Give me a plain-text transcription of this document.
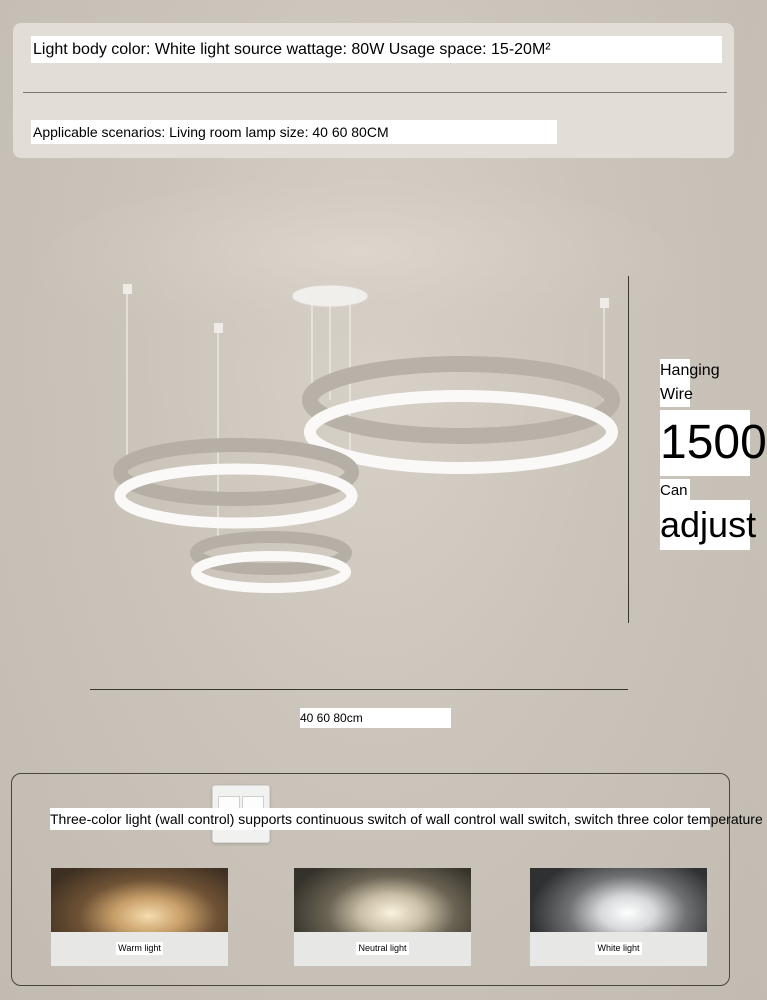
Light body color: White light source wattage: 80W Usage space: 15-20M²
Applicable scenarios: Living room lamp size: 40 60 80CM
Hanging
Wire
1500
Can
adjust
40 60 80cm
Three-color light (wall control) supports continuous switch of wall control wall switch, switch three color temperature
Warm light	Neutral light	White light
